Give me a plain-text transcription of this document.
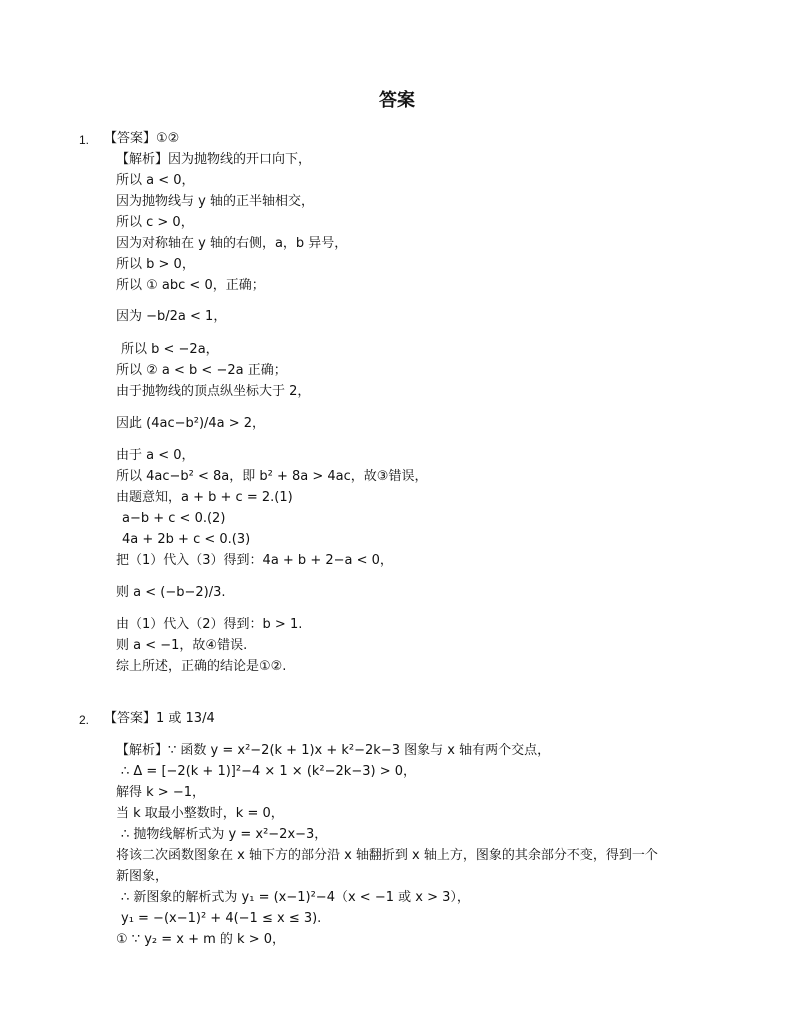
答案
1. 【答案】①②
【解析】因为抛物线的开口向下，
所以 a < 0，
因为抛物线与 y 轴的正半轴相交，
所以 c > 0，
因为对称轴在 y 轴的右侧，a，b 异号，
所以 b > 0，
所以 ① abc < 0，正确；
因为 −b/2a < 1，
所以 b < −2a，
所以 ② a < b < −2a 正确；
由于抛物线的顶点纵坐标大于 2，
因此 (4ac−b²)/4a > 2，
由于 a < 0，
所以 4ac−b² < 8a，即 b² + 8a > 4ac，故③错误，
由题意知，a + b + c = 2.(1)
a−b + c < 0.(2)
4a + 2b + c < 0.(3)
把（1）代入（3）得到：4a + b + 2−a < 0，
则 a < (−b−2)/3.
由（1）代入（2）得到：b > 1.
则 a < −1，故④错误.
综上所述，正确的结论是①②.
2. 【答案】1 或 13/4
【解析】∵ 函数 y = x²−2(k + 1)x + k²−2k−3 图象与 x 轴有两个交点，
∴ Δ = [−2(k + 1)]²−4 × 1 × (k²−2k−3) > 0，
解得 k > −1，
当 k 取最小整数时，k = 0，
∴ 抛物线解析式为 y = x²−2x−3，
将该二次函数图象在 x 轴下方的部分沿 x 轴翻折到 x 轴上方，图象的其余部分不变，得到一个
新图象，
∴ 新图象的解析式为 y₁ = (x−1)²−4（x < −1 或 x > 3），
y₁ = −(x−1)² + 4(−1 ≤ x ≤ 3).
① ∵ y₂ = x + m 的 k > 0，
